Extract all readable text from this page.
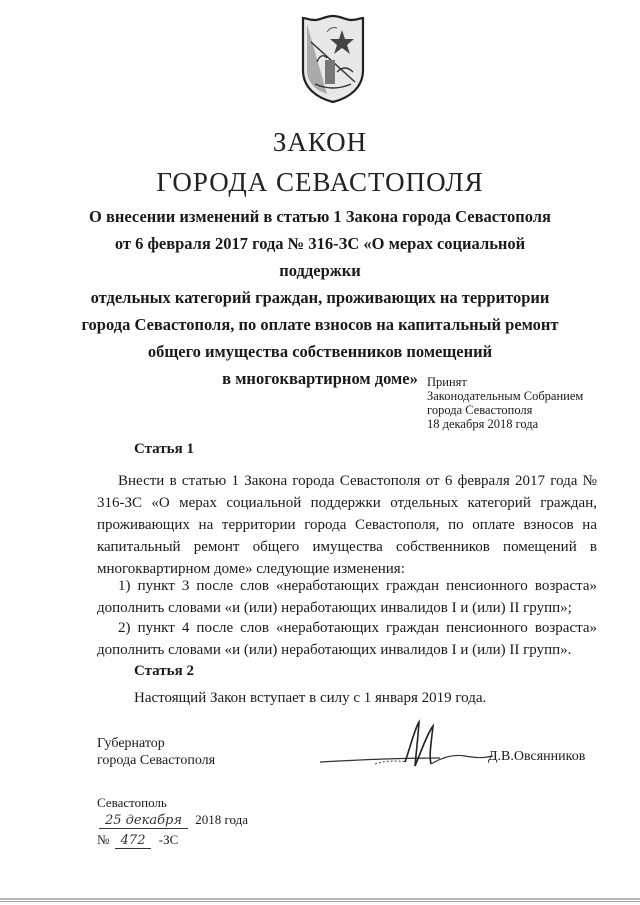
ЗАКОН
ГОРОДА СЕВАСТОПОЛЯ
О внесении изменений в статью 1 Закона города Севастополя
от 6 февраля 2017 года № 316-ЗС «О мерах социальной поддержки
отдельных категорий граждан, проживающих на территории
города Севастополя, по оплате взносов на капитальный ремонт
общего имущества собственников помещений
в многоквартирном доме» Принят
Законодательным Собранием
города Севастополя
18 декабря 2018 года
Статья 1
Внести в статью 1 Закона города Севастополя от 6 февраля 2017 года № 316-ЗС «О мерах социальной поддержки отдельных категорий граждан, проживающих на территории города Севастополя, по оплате взносов на капитальный ремонт общего имущества собственников помещений в многоквартирном доме» следующие изменения:
1) пункт 3 после слов «неработающих граждан пенсионного возраста» дополнить словами «и (или) неработающих инвалидов I и (или) II групп»;
2) пункт 4 после слов «неработающих граждан пенсионного возраста» дополнить словами «и (или) неработающих инвалидов I и (или) II групп».
Статья 2
Настоящий Закон вступает в силу с 1 января 2019 года.
Губернатор
города Севастополя	Д.В.Овсянников
Севастополь
25 декабря 2018 года
№ 472 -ЗС
